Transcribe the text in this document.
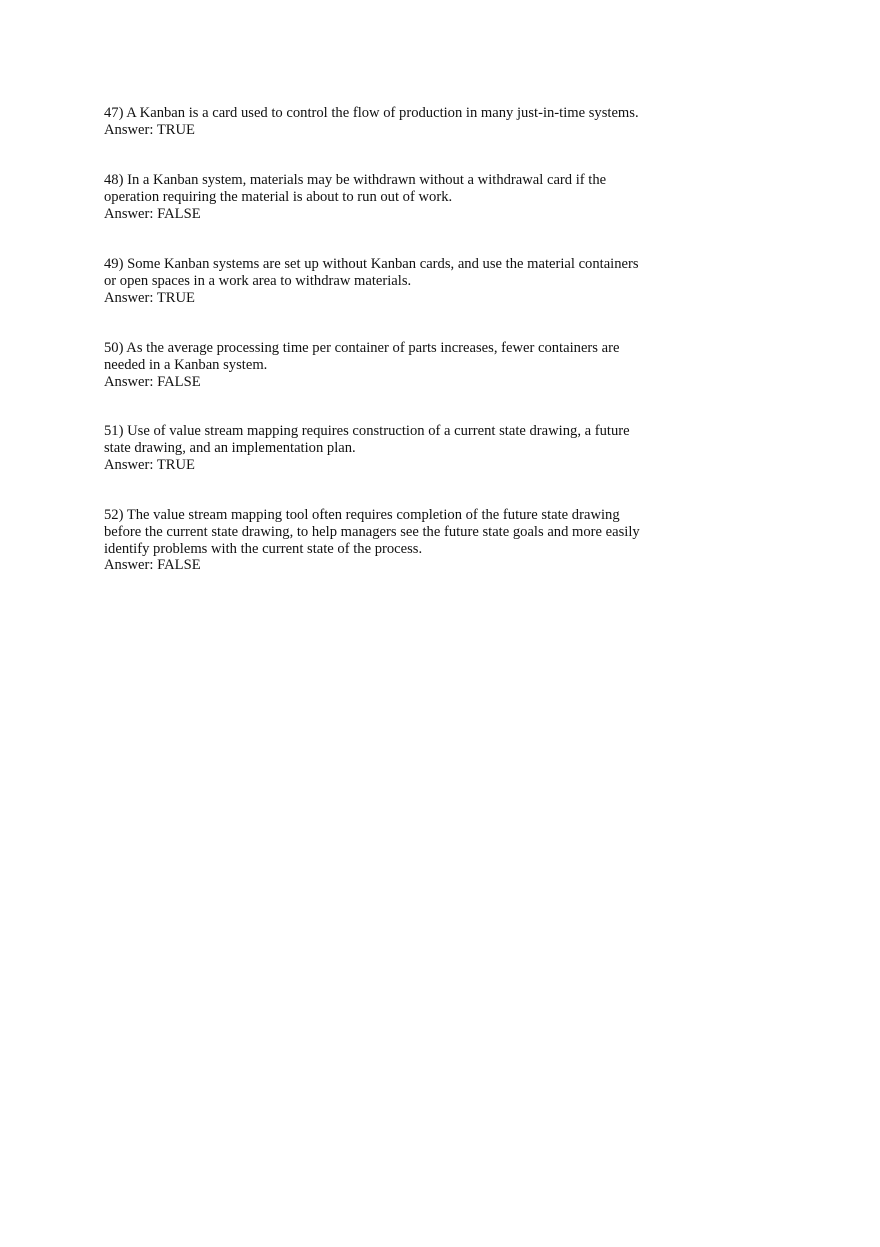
47) A Kanban is a card used to control the flow of production in many just-in-time systems.
Answer: TRUE
48) In a Kanban system, materials may be withdrawn without a withdrawal card if the
operation requiring the material is about to run out of work.
Answer: FALSE
49) Some Kanban systems are set up without Kanban cards, and use the material containers
or open spaces in a work area to withdraw materials.
Answer: TRUE
50) As the average processing time per container of parts increases, fewer containers are
needed in a Kanban system.
Answer: FALSE
51) Use of value stream mapping requires construction of a current state drawing, a future
state drawing, and an implementation plan.
Answer: TRUE
52) The value stream mapping tool often requires completion of the future state drawing
before the current state drawing, to help managers see the future state goals and more easily
identify problems with the current state of the process.
Answer: FALSE
